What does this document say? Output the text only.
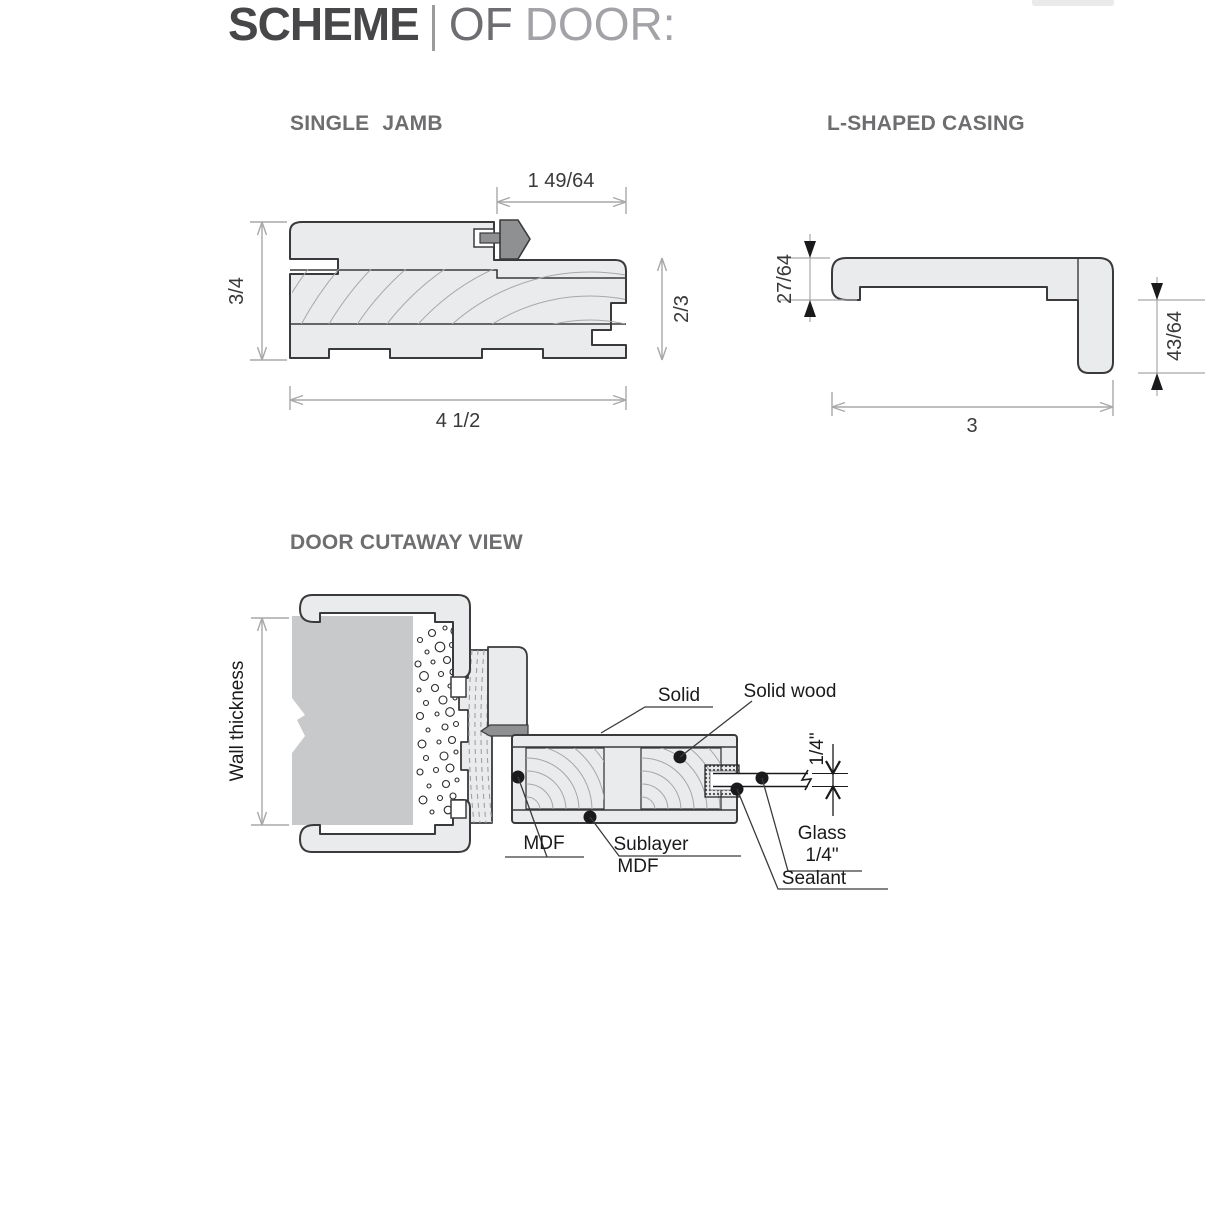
SCHEME OF DOOR:
SINGLE JAMB	L-SHAPED CASING
DOOR CUTAWAY VIEW
1 49/64
3/4
2/3
4 1/2
27/64
43/64
3
Wall thickness	1/4"
Solid Solid wood
MDF	Sublayer
MDF
Glass
1/4"
Sealant
